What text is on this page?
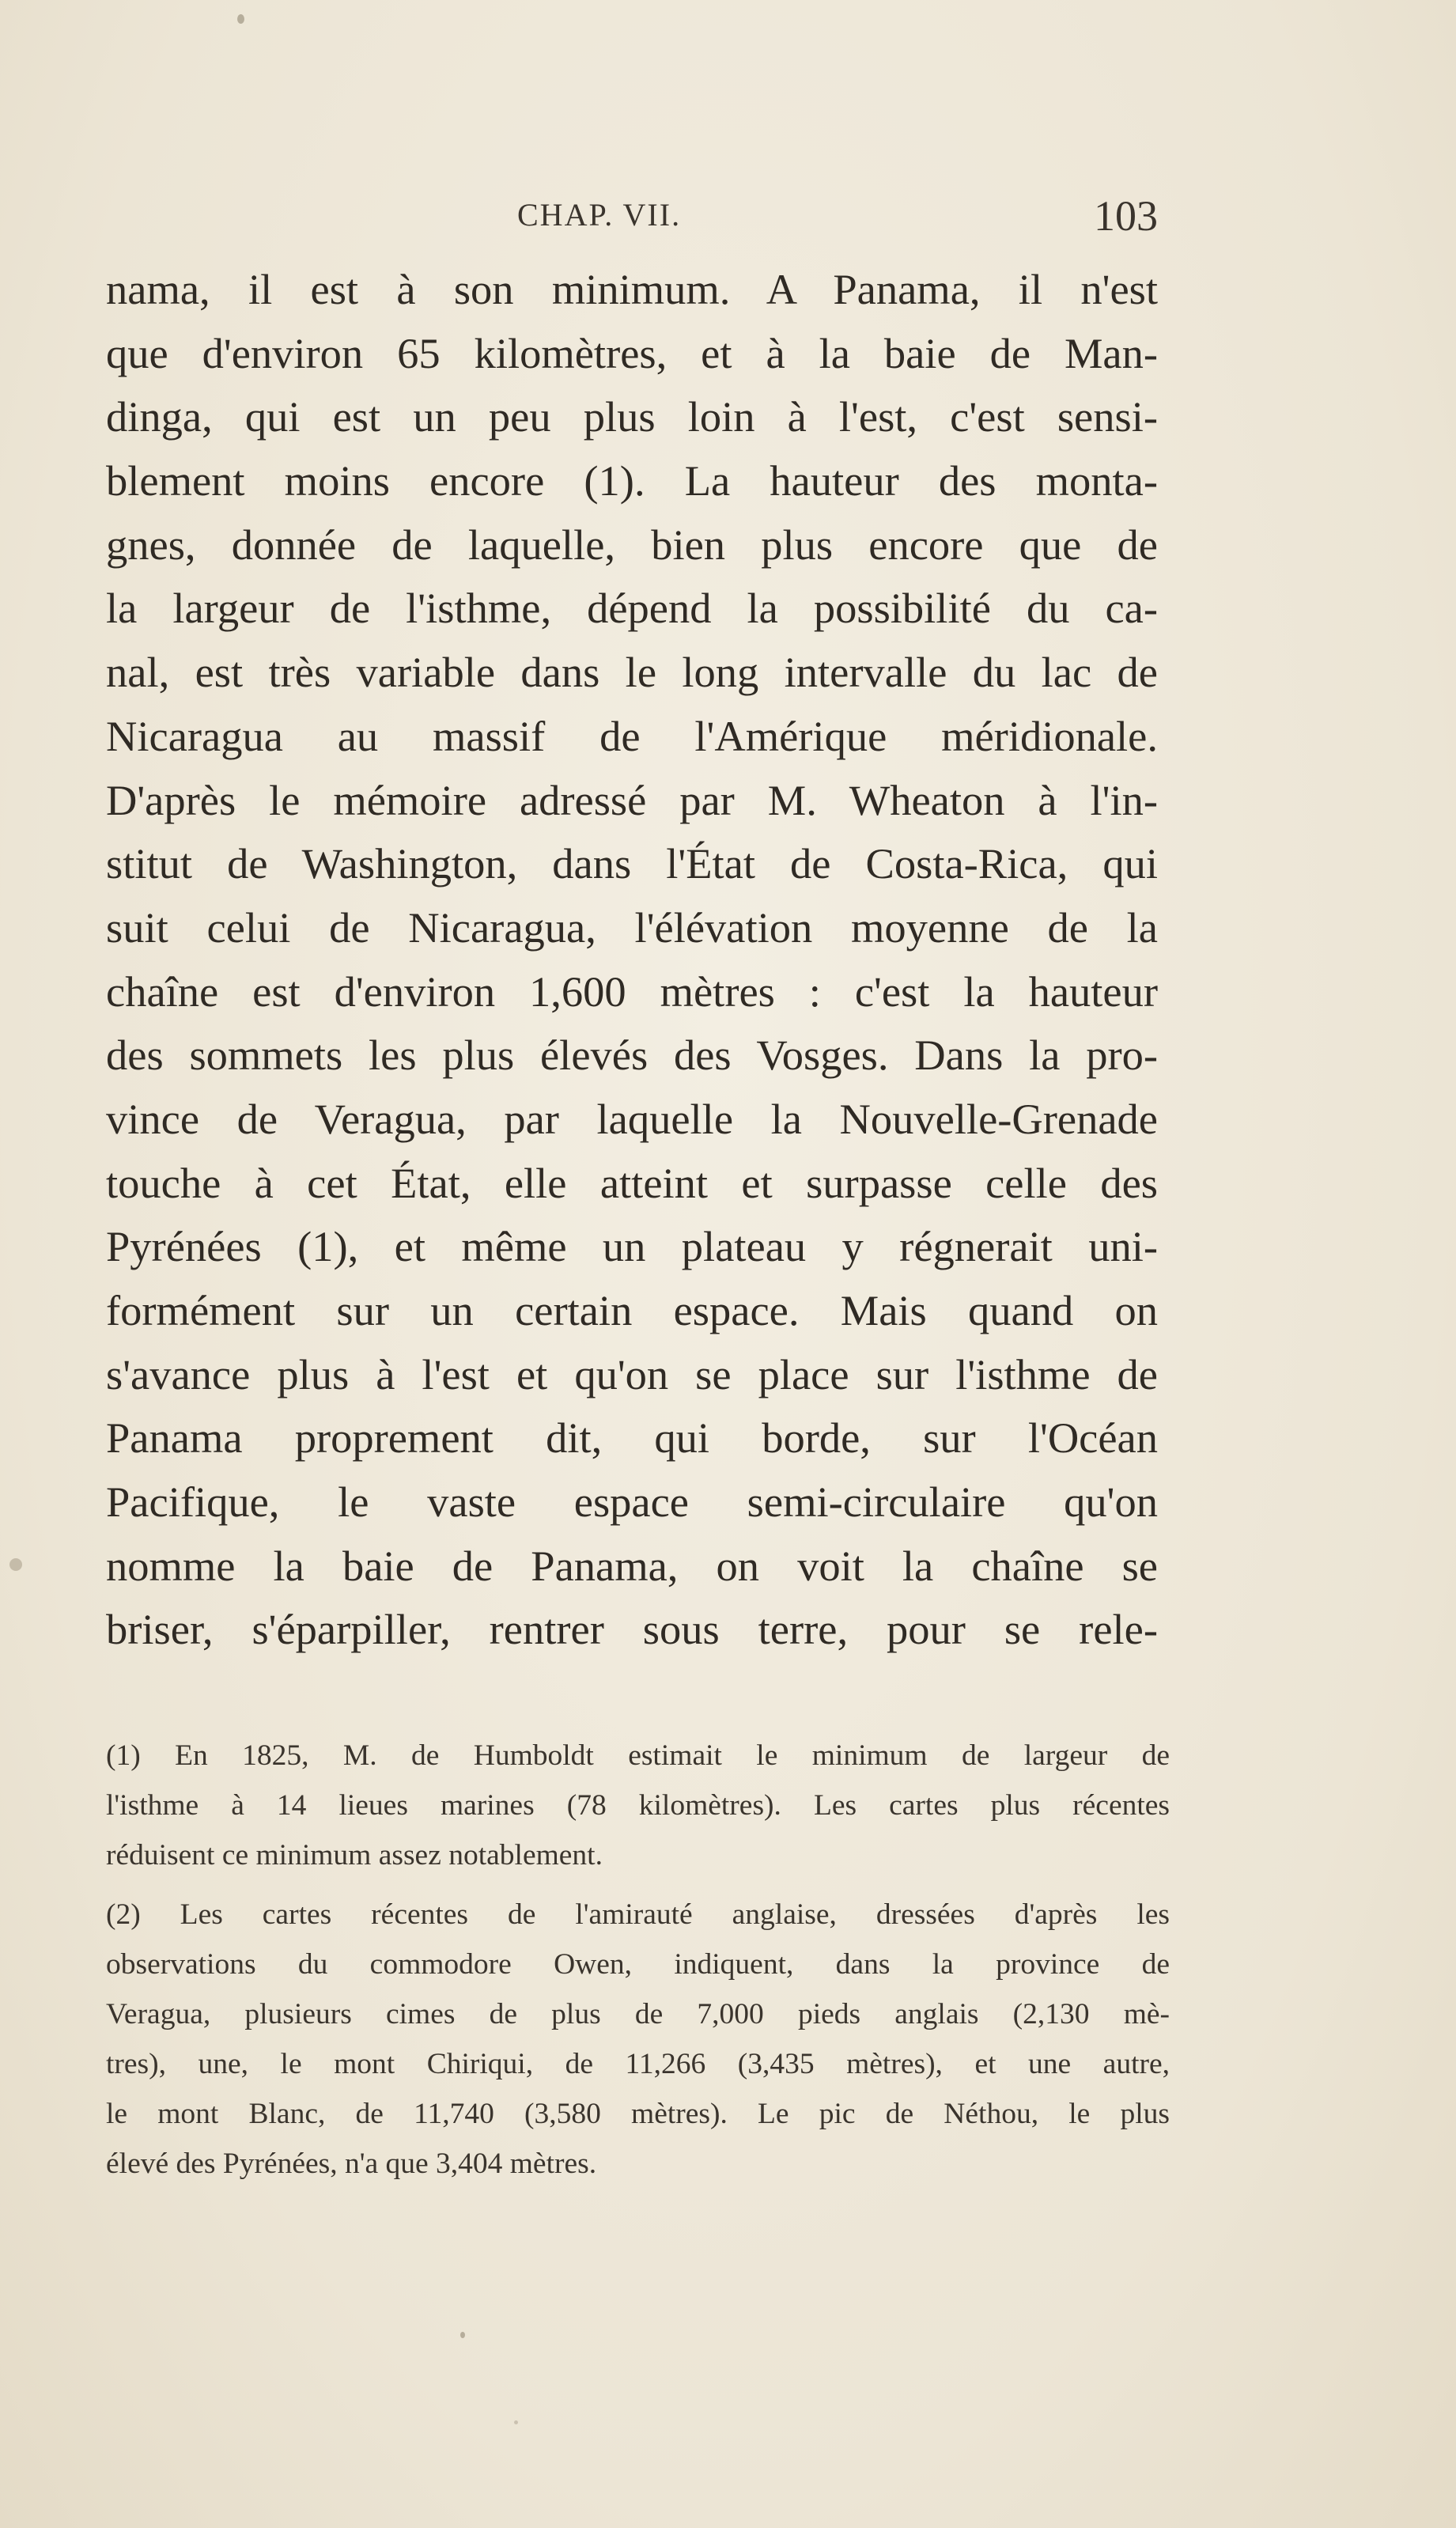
CHAP. VII.	103
nama, il est à son minimum. A Panama, il n'est
que d'environ 65 kilomètres, et à la baie de Man-
dinga, qui est un peu plus loin à l'est, c'est sensi-
blement moins encore (1). La hauteur des monta-
gnes, donnée de laquelle, bien plus encore que de
la largeur de l'isthme, dépend la possibilité du ca-
nal, est très variable dans le long intervalle du lac de
Nicaragua au massif de l'Amérique méridionale.
D'après le mémoire adressé par M. Wheaton à l'in-
stitut de Washington, dans l'État de Costa-Rica, qui
suit celui de Nicaragua, l'élévation moyenne de la
chaîne est d'environ 1,600 mètres : c'est la hauteur
des sommets les plus élevés des Vosges. Dans la pro-
vince de Veragua, par laquelle la Nouvelle-Grenade
touche à cet État, elle atteint et surpasse celle des
Pyrénées (1), et même un plateau y régnerait uni-
formément sur un certain espace. Mais quand on
s'avance plus à l'est et qu'on se place sur l'isthme de
Panama proprement dit, qui borde, sur l'Océan
Pacifique, le vaste espace semi-circulaire qu'on
nomme la baie de Panama, on voit la chaîne se
briser, s'éparpiller, rentrer sous terre, pour se rele-
(1) En 1825, M. de Humboldt estimait le minimum de largeur de
l'isthme à 14 lieues marines (78 kilomètres). Les cartes plus récentes
réduisent ce minimum assez notablement.
(2) Les cartes récentes de l'amirauté anglaise, dressées d'après les
observations du commodore Owen, indiquent, dans la province de
Veragua, plusieurs cimes de plus de 7,000 pieds anglais (2,130 mè-
tres), une, le mont Chiriqui, de 11,266 (3,435 mètres), et une autre,
le mont Blanc, de 11,740 (3,580 mètres). Le pic de Néthou, le plus
élevé des Pyrénées, n'a que 3,404 mètres.
